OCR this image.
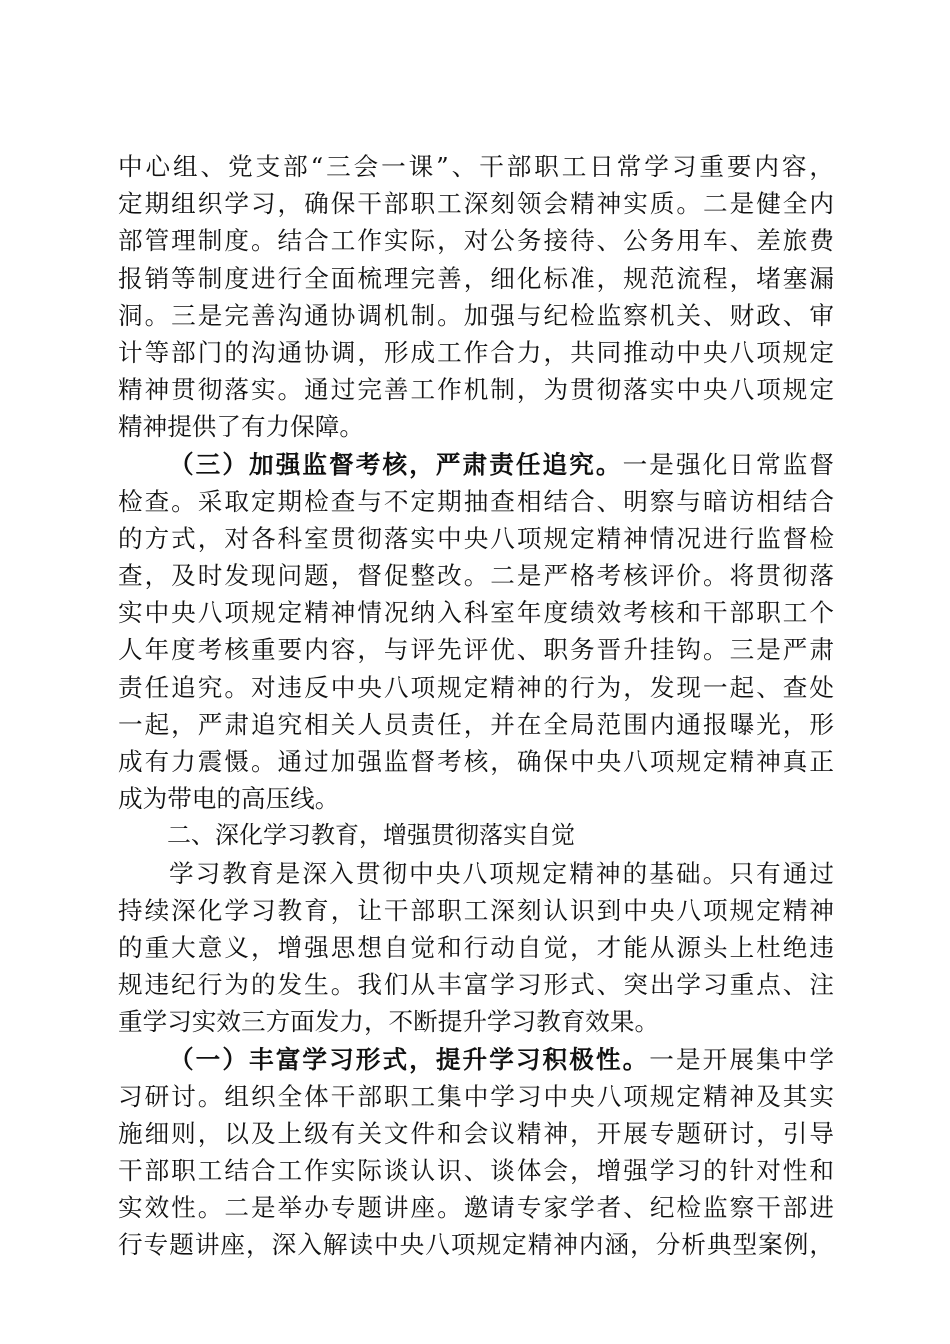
中心组、党支部“三会一课”、干部职工日常学习重要内容，
定期组织学习，确保干部职工深刻领会精神实质。二是健全内
部管理制度。结合工作实际，对公务接待、公务用车、差旅费
报销等制度进行全面梳理完善，细化标准，规范流程，堵塞漏
洞。三是完善沟通协调机制。加强与纪检监察机关、财政、审
计等部门的沟通协调，形成工作合力，共同推动中央八项规定
精神贯彻落实。通过完善工作机制，为贯彻落实中央八项规定
精神提供了有力保障。
（三）加强监督考核，严肃责任追究。一是强化日常监督
检查。采取定期检查与不定期抽查相结合、明察与暗访相结合
的方式，对各科室贯彻落实中央八项规定精神情况进行监督检
查，及时发现问题，督促整改。二是严格考核评价。将贯彻落
实中央八项规定精神情况纳入科室年度绩效考核和干部职工个
人年度考核重要内容，与评先评优、职务晋升挂钩。三是严肃
责任追究。对违反中央八项规定精神的行为，发现一起、查处
一起，严肃追究相关人员责任，并在全局范围内通报曝光，形
成有力震慑。通过加强监督考核，确保中央八项规定精神真正
成为带电的高压线。
二、深化学习教育，增强贯彻落实自觉
学习教育是深入贯彻中央八项规定精神的基础。只有通过
持续深化学习教育，让干部职工深刻认识到中央八项规定精神
的重大意义，增强思想自觉和行动自觉，才能从源头上杜绝违
规违纪行为的发生。我们从丰富学习形式、突出学习重点、注
重学习实效三方面发力，不断提升学习教育效果。
（一）丰富学习形式，提升学习积极性。一是开展集中学
习研讨。组织全体干部职工集中学习中央八项规定精神及其实
施细则，以及上级有关文件和会议精神，开展专题研讨，引导
干部职工结合工作实际谈认识、谈体会，增强学习的针对性和
实效性。二是举办专题讲座。邀请专家学者、纪检监察干部进
行专题讲座，深入解读中央八项规定精神内涵，分析典型案例，
